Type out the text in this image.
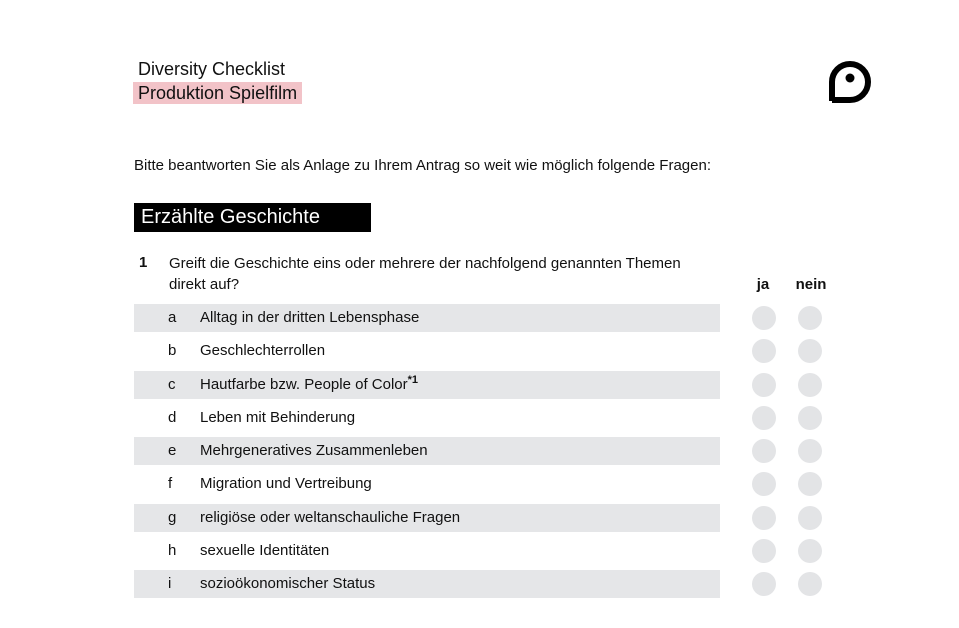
Diversity Checklist
Produktion Spielfilm
Bitte beantworten Sie als Anlage zu Ihrem Antrag so weit wie möglich folgende Fragen:
Erzählte Geschichte
1 Greift die Geschichte eins oder mehrere der nachfolgend genannten Themen direkt auf?	ja	nein
a	Alltag in der dritten Lebensphase
b	Geschlechterrollen
c	Hautfarbe bzw. People of Color$^{*1}$
d	Leben mit Behinderung
e	Mehrgeneratives Zusammenleben
f	Migration und Vertreibung
g	religiöse oder weltanschauliche Fragen
h	sexuelle Identitäten
i	sozioökonomischer Status
